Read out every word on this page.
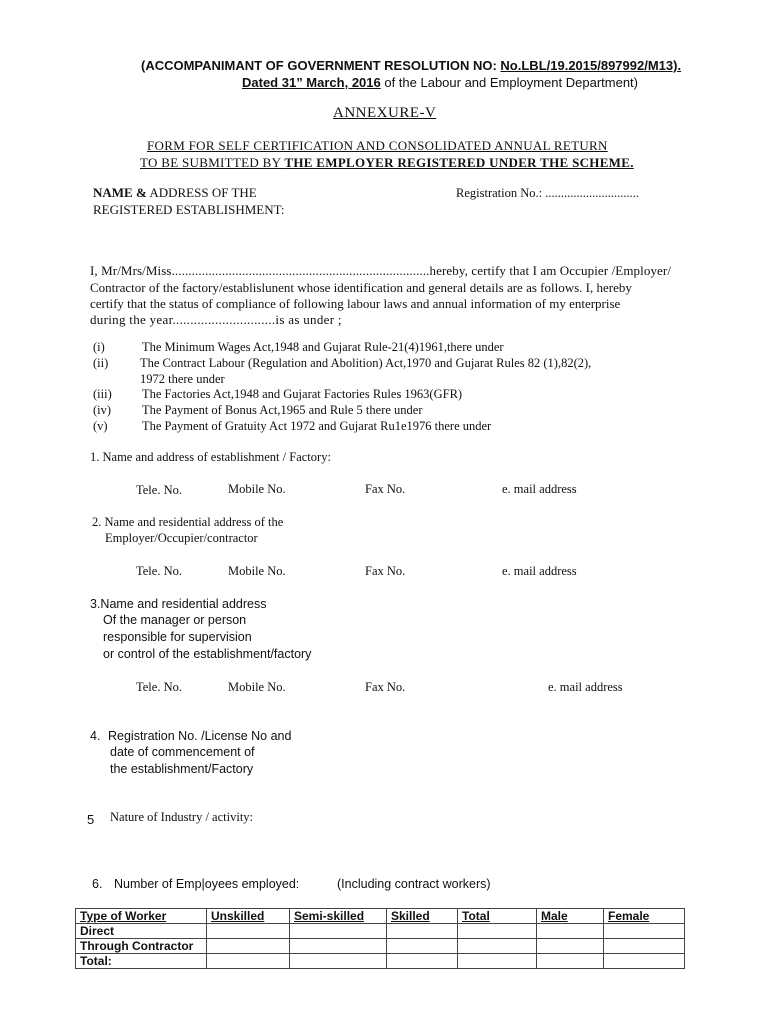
(ACCOMPANIMANT OF GOVERNMENT RESOLUTION NO: No.LBL/19.2015/897992/M13).
Dated 31” March, 2016 of the Labour and Employment Department)
ANNEXURE-V
FORM FOR SELF CERTIFICATION AND CONSOLIDATED ANNUAL RETURN
TO BE SUBMITTED BY THE EMPLOYER REGISTERED UNDER THE SCHEME.
NAME & ADDRESS OF THE
REGISTERED ESTABLISHMENT:
Registration No.: ..............................
I, Mr/Mrs/Miss.............................................................................hereby, certify that I am Occupier /Employer/
Contractor of the factory/establislunent whose identification and general details are as follows. I, hereby
certify that the status of compliance of following labour laws and annual information of my enterprise
during the year.............................is as under ;
(i)	The Minimum Wages Act,1948 and Gujarat Rule-21(4)1961,there under
(ii)	The Contract Labour (Regulation and Abolition) Act,1970 and Gujarat Rules 82 (1),82(2),
1972 there under
(iii) The Factories Act,1948 and Gujarat Factories Rules 1963(GFR)
(iv) The Payment of Bonus Act,1965 and Rule 5 there under
(v)	The Payment of Gratuity Act 1972 and Gujarat Ru1e1976 there under
1. Name and address of establishment / Factory:
Tele. No.	Mobile No.	Fax No.	e. mail address
2. Name and residential address of the
Employer/Occupier/contractor
Tele. No.	Mobile No.	Fax No.	e. mail address
3.Name and residential address
Of the manager or person
responsible for supervision
or control of the establishment/factory
Tele. No.	Mobile No.	Fax No.	e. mail address
4. Registration No. /License No and
date of commencement of
the establishment/Factory
5 Nature of Industry / activity:
6. Number of Emp|oyees employed:	(Including contract workers)
Type of Worker	Unskilled	Semi-skilled	Skilled	Total	Male	Female
Direct						
Through Contractor						
Total:						
